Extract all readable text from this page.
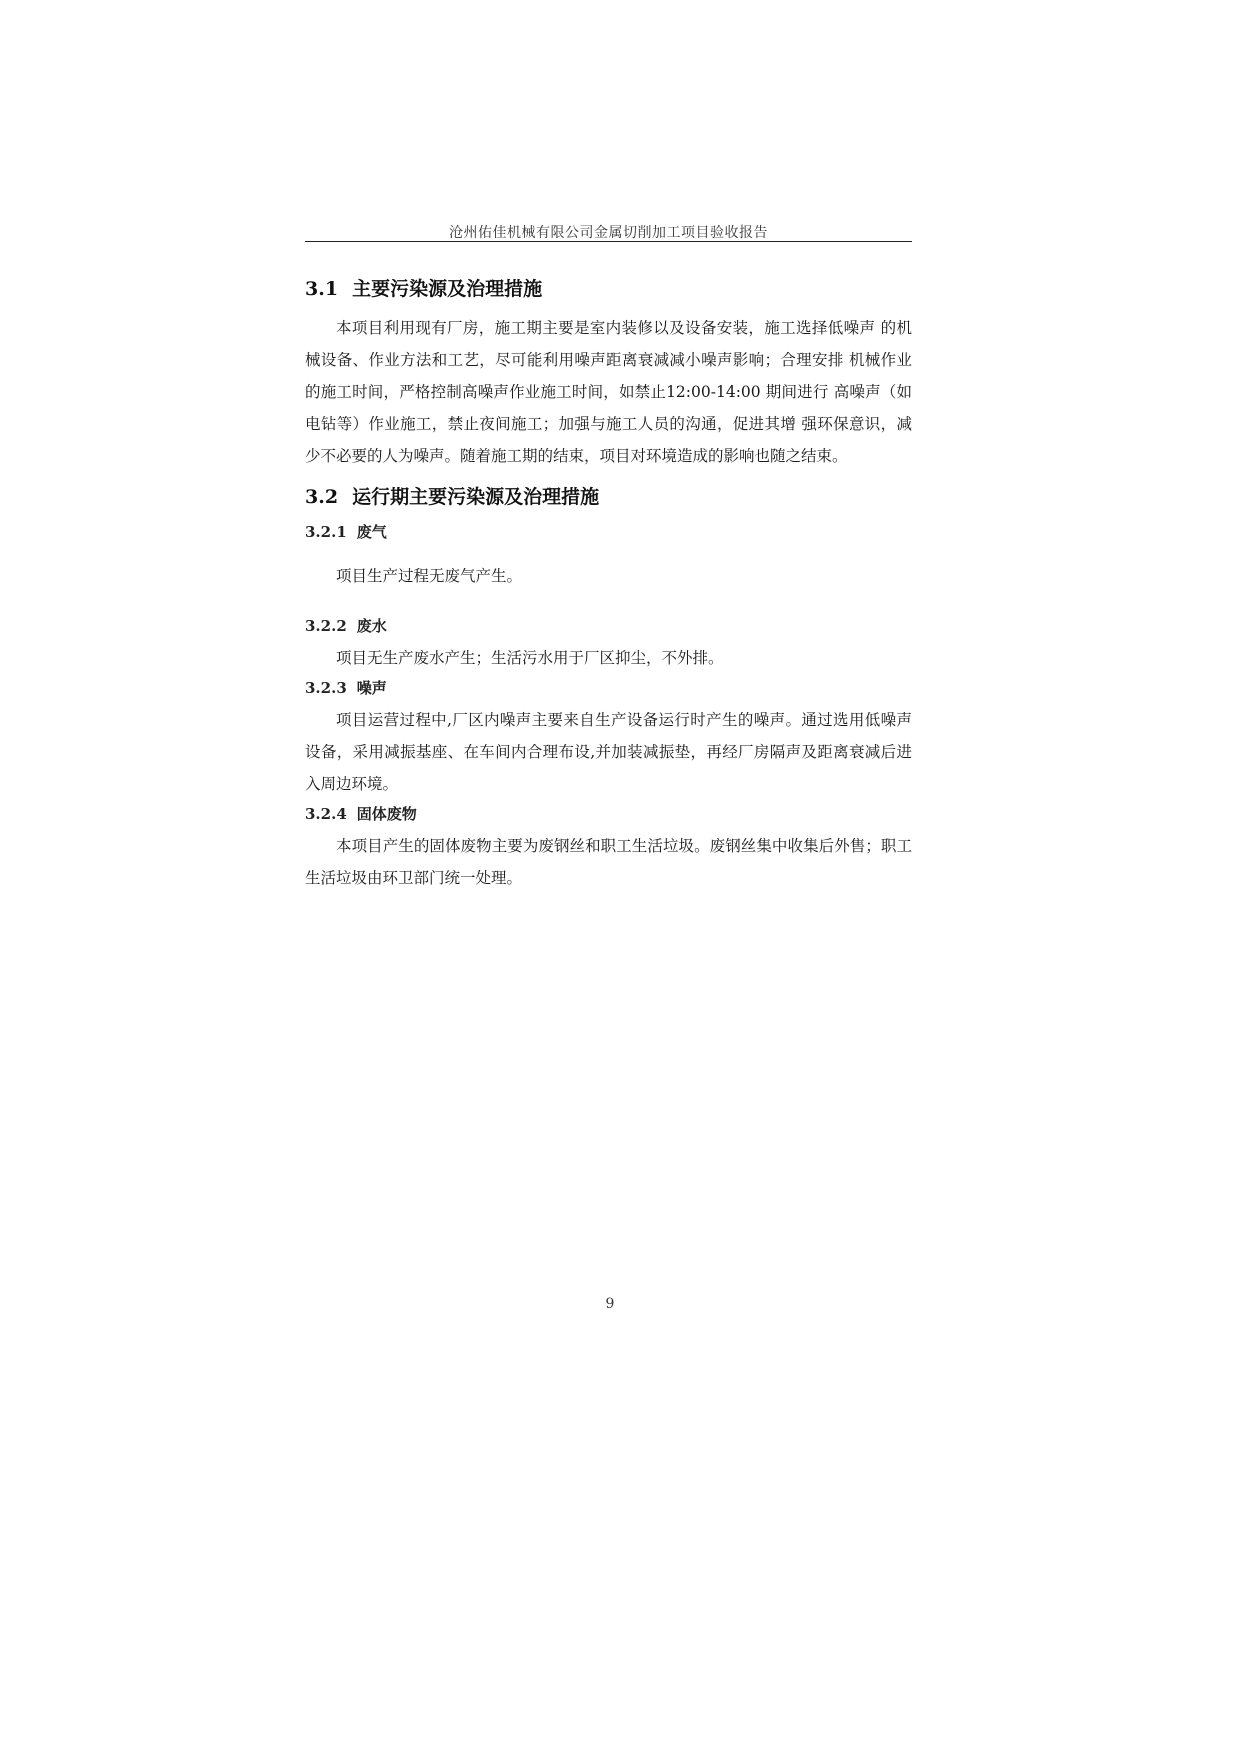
沧州佑佳机械有限公司金属切削加工项目验收报告
3.1 主要污染源及治理措施

本项目利用现有厂房，施工期主要是室内装修以及设备安装，施工选择低噪声 的机械设备、作业方法和工艺，尽可能利用噪声距离衰减减小噪声影响；合理安排 机械作业的施工时间，严格控制高噪声作业施工时间，如禁止12:00-14:00 期间进行 高噪声（如电钻等）作业施工，禁止夜间施工；加强与施工人员的沟通，促进其增 强环保意识，减少不必要的人为噪声。随着施工期的结束，项目对环境造成的影响也随之结束。

3.2 运行期主要污染源及治理措施
3.2.1 废气

项目生产过程无废气产生。

3.2.2 废水

项目无生产废水产生；生活污水用于厂区抑尘，不外排。

3.2.3 噪声

项目运营过程中,厂区内噪声主要来自生产设备运行时产生的噪声。通过选用低噪声设备，采用减振基座、在车间内合理布设,并加装减振垫，再经厂房隔声及距离衰减后进入周边环境。

3.2.4 固体废物

本项目产生的固体废物主要为废钢丝和职工生活垃圾。废钢丝集中收集后外售；职工生活垃圾由环卫部门统一处理。

9
